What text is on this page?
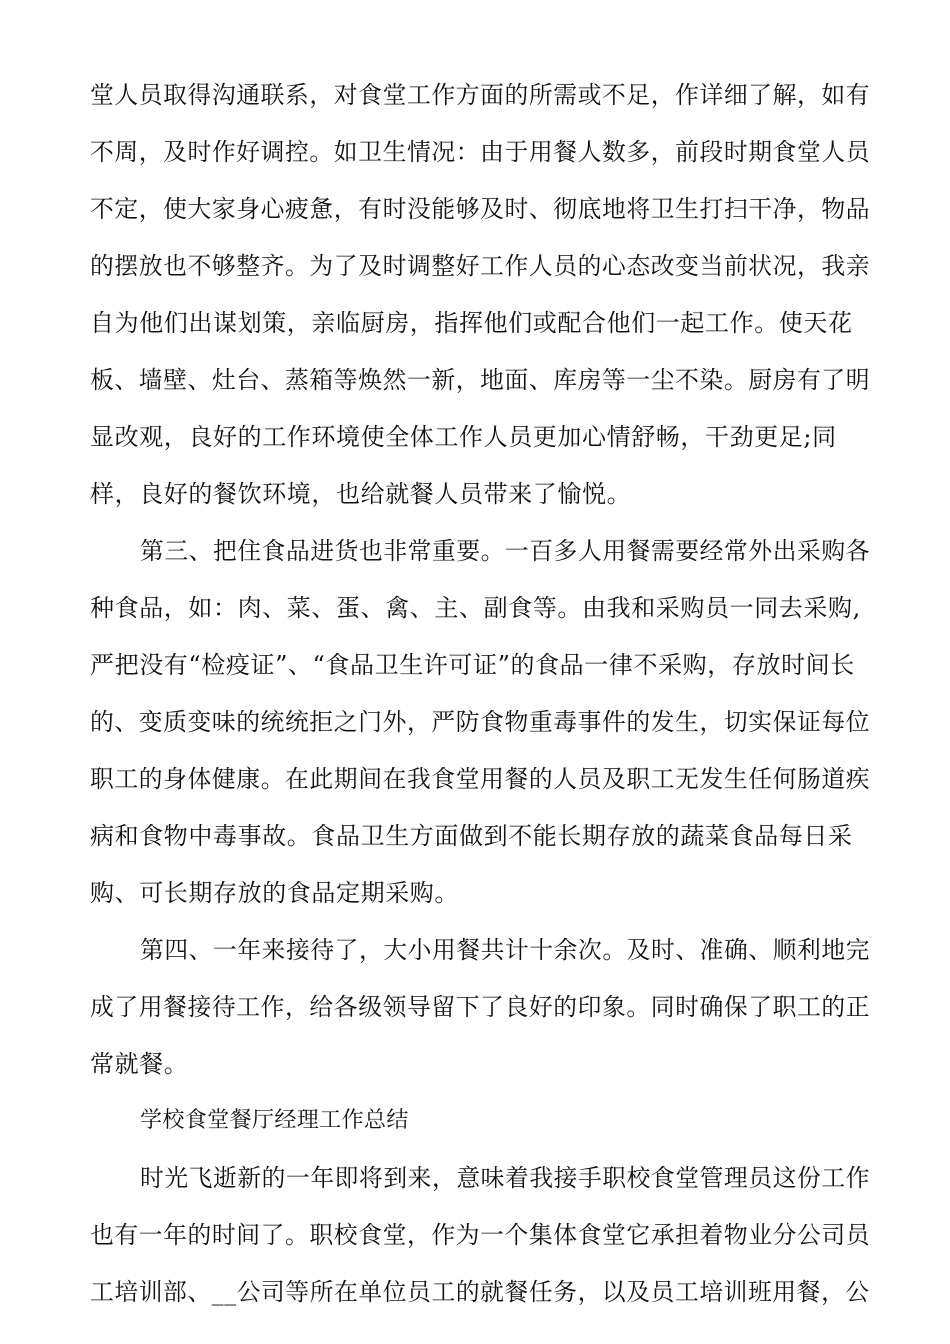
堂人员取得沟通联系，对食堂工作方面的所需或不足，作详细了解，如有
不周，及时作好调控。如卫生情况：由于用餐人数多，前段时期食堂人员
不定，使大家身心疲惫，有时没能够及时、彻底地将卫生打扫干净，物品
的摆放也不够整齐。为了及时调整好工作人员的心态改变当前状况，我亲
自为他们出谋划策，亲临厨房，指挥他们或配合他们一起工作。使天花
板、墙壁、灶台、蒸箱等焕然一新，地面、库房等一尘不染。厨房有了明
显改观，良好的工作环境使全体工作人员更加心情舒畅，干劲更足;同
样，良好的餐饮环境，也给就餐人员带来了愉悦。
第三、把住食品进货也非常重要。一百多人用餐需要经常外出采购各
种食品，如：肉、菜、蛋、禽、主、副食等。由我和采购员一同去采购,
严把没有“检疫证”、“食品卫生许可证”的食品一律不采购，存放时间长
的、变质变味的统统拒之门外，严防食物重毒事件的发生，切实保证每位
职工的身体健康。在此期间在我食堂用餐的人员及职工无发生任何肠道疾
病和食物中毒事故。食品卫生方面做到不能长期存放的蔬菜食品每日采
购、可长期存放的食品定期采购。
第四、一年来接待了，大小用餐共计十余次。及时、准确、顺利地完
成了用餐接待工作，给各级领导留下了良好的印象。同时确保了职工的正
常就餐。
学校食堂餐厅经理工作总结
时光飞逝新的一年即将到来，意味着我接手职校食堂管理员这份工作
也有一年的时间了。职校食堂，作为一个集体食堂它承担着物业分公司员
工培训部、__公司等所在单位员工的就餐任务，以及员工培训班用餐，公
